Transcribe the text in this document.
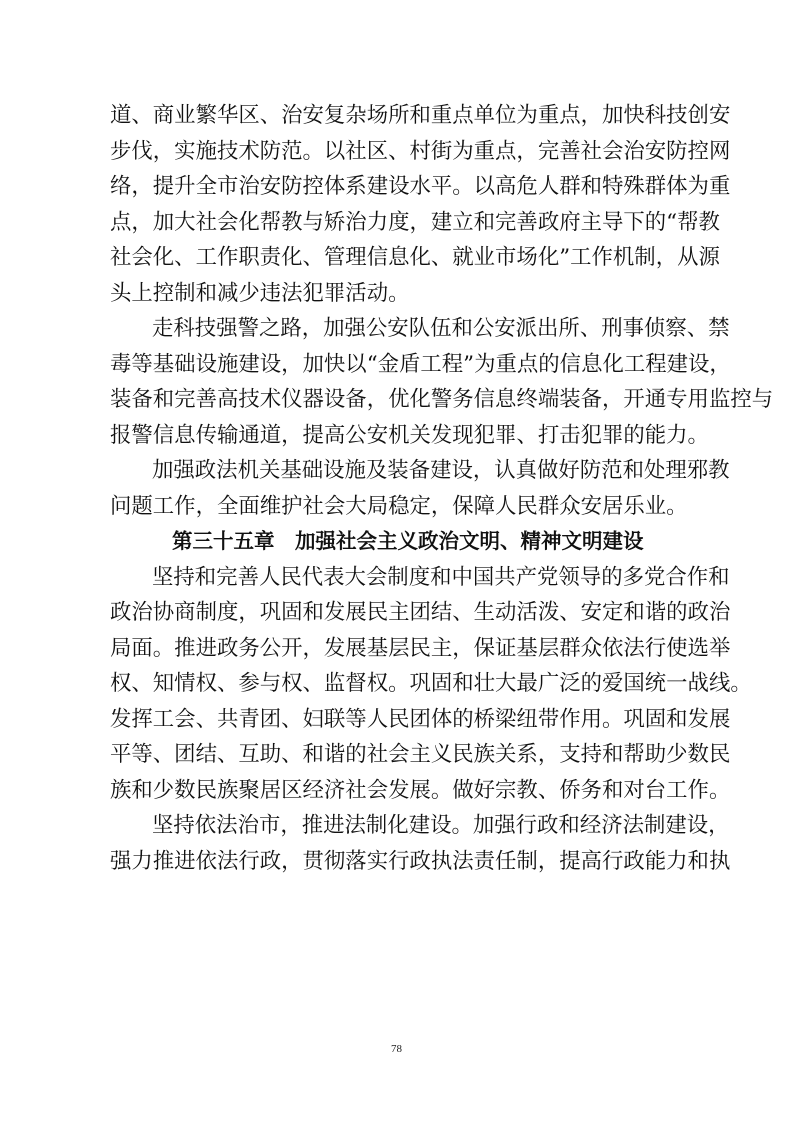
道、商业繁华区、治安复杂场所和重点单位为重点，加快科技创安
步伐，实施技术防范。以社区、村街为重点，完善社会治安防控网
络，提升全市治安防控体系建设水平。以高危人群和特殊群体为重
点，加大社会化帮教与矫治力度，建立和完善政府主导下的“帮教
社会化、工作职责化、管理信息化、就业市场化”工作机制，从源
头上控制和减少违法犯罪活动。
走科技强警之路，加强公安队伍和公安派出所、刑事侦察、禁
毒等基础设施建设，加快以“金盾工程”为重点的信息化工程建设，
装备和完善高技术仪器设备，优化警务信息终端装备，开通专用监控与
报警信息传输通道，提高公安机关发现犯罪、打击犯罪的能力。
加强政法机关基础设施及装备建设，认真做好防范和处理邪教
问题工作，全面维护社会大局稳定，保障人民群众安居乐业。
第三十五章　加强社会主义政治文明、精神文明建设
坚持和完善人民代表大会制度和中国共产党领导的多党合作和
政治协商制度，巩固和发展民主团结、生动活泼、安定和谐的政治
局面。推进政务公开，发展基层民主，保证基层群众依法行使选举
权、知情权、参与权、监督权。巩固和壮大最广泛的爱国统一战线。
发挥工会、共青团、妇联等人民团体的桥梁纽带作用。巩固和发展
平等、团结、互助、和谐的社会主义民族关系，支持和帮助少数民
族和少数民族聚居区经济社会发展。做好宗教、侨务和对台工作。
坚持依法治市，推进法制化建设。加强行政和经济法制建设，
强力推进依法行政，贯彻落实行政执法责任制，提高行政能力和执
78
